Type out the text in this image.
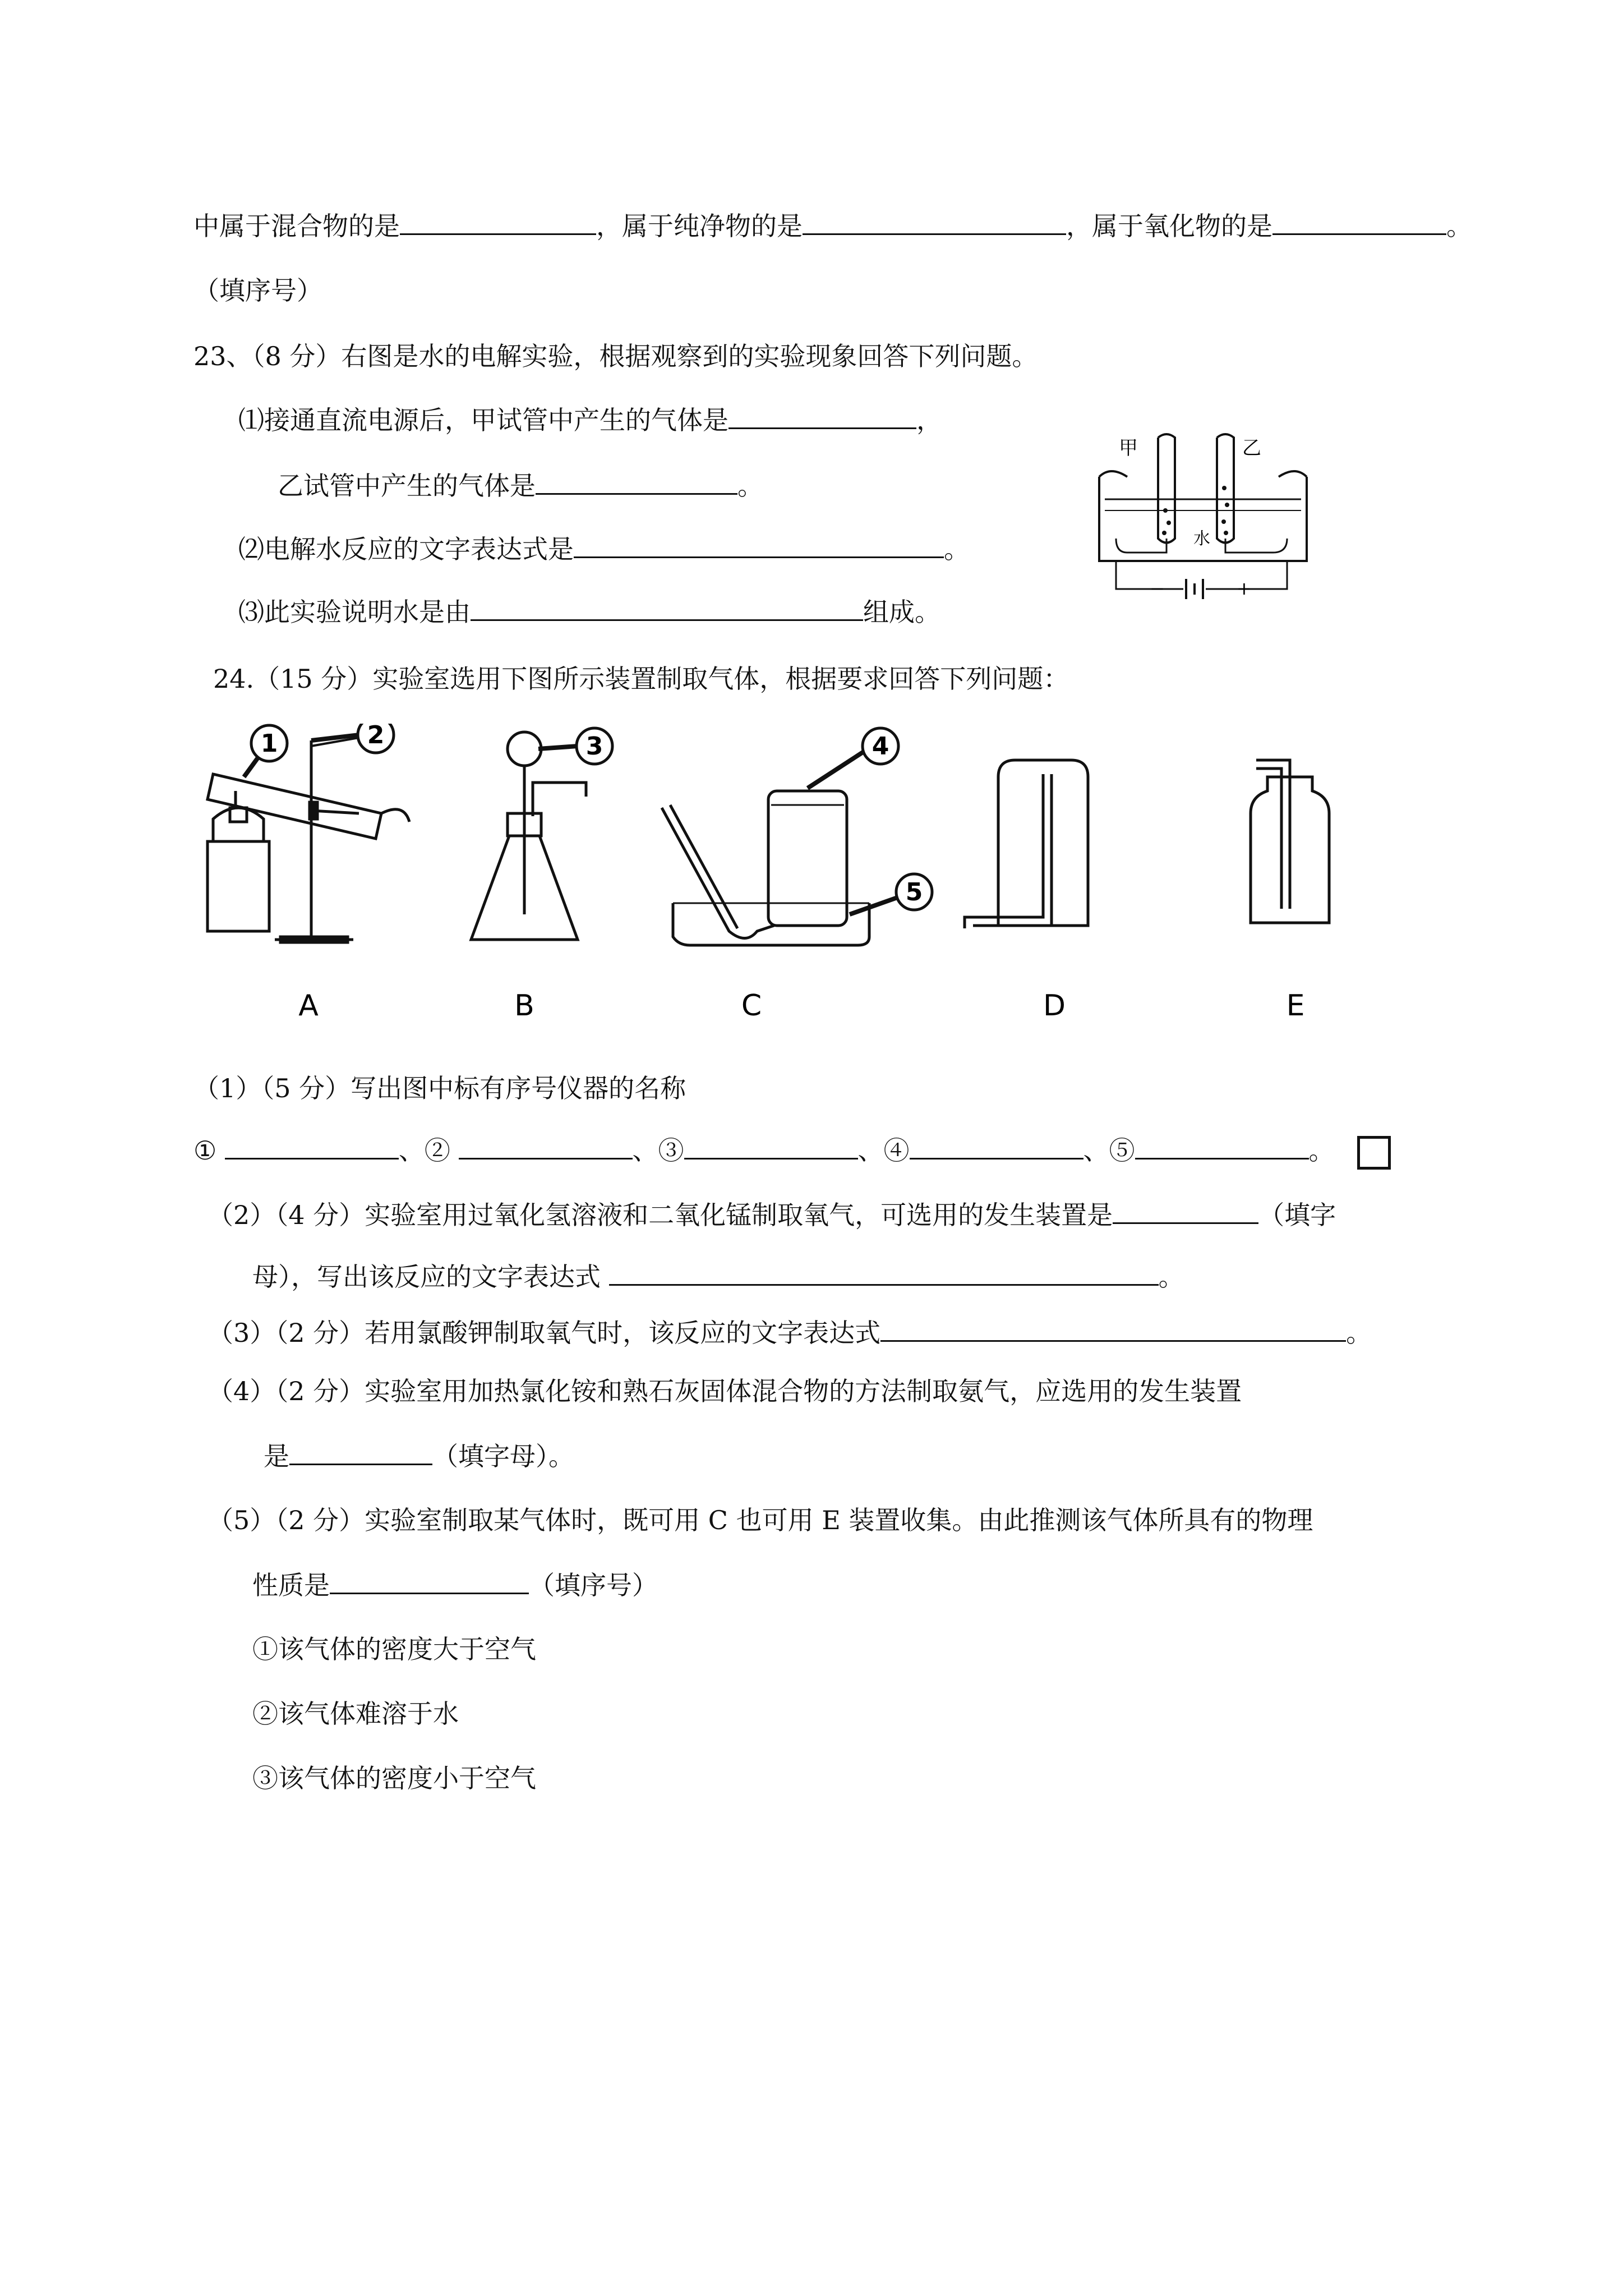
中属于混合物的是	，属于纯净物的是	，属于氧化物的是	。
（填序号）
23、（8 分）右图是水的电解实验，根据观察到的实验现象回答下列问题。
⑴接通直流电源后，甲试管中产生的气体是	，
乙试管中产生的气体是	。
⑵电解水反应的文字表达式是	。
⑶此实验说明水是由	组成。
甲	乙
水
−	+
24.（15 分）实验室选用下图所示装置制取气体，根据要求回答下列问题：
1	2	3	4
5
A	B	C	D	E
（1）（5 分）写出图中标有序号仪器的名称
①	、②	、③	、④	、⑤	。
（2）（4 分）实验室用过氧化氢溶液和二氧化锰制取氧气，可选用的发生装置是	（填字
母），写出该反应的文字表达式	。
（3）（2 分）若用氯酸钾制取氧气时，该反应的文字表达式	。
（4）（2 分）实验室用加热氯化铵和熟石灰固体混合物的方法制取氨气，应选用的发生装置
是	（填字母）。
（5）（2 分）实验室制取某气体时，既可用 C 也可用 E 装置收集。由此推测该气体所具有的物理
性质是	（填序号）
①该气体的密度大于空气
②该气体难溶于水
③该气体的密度小于空气
